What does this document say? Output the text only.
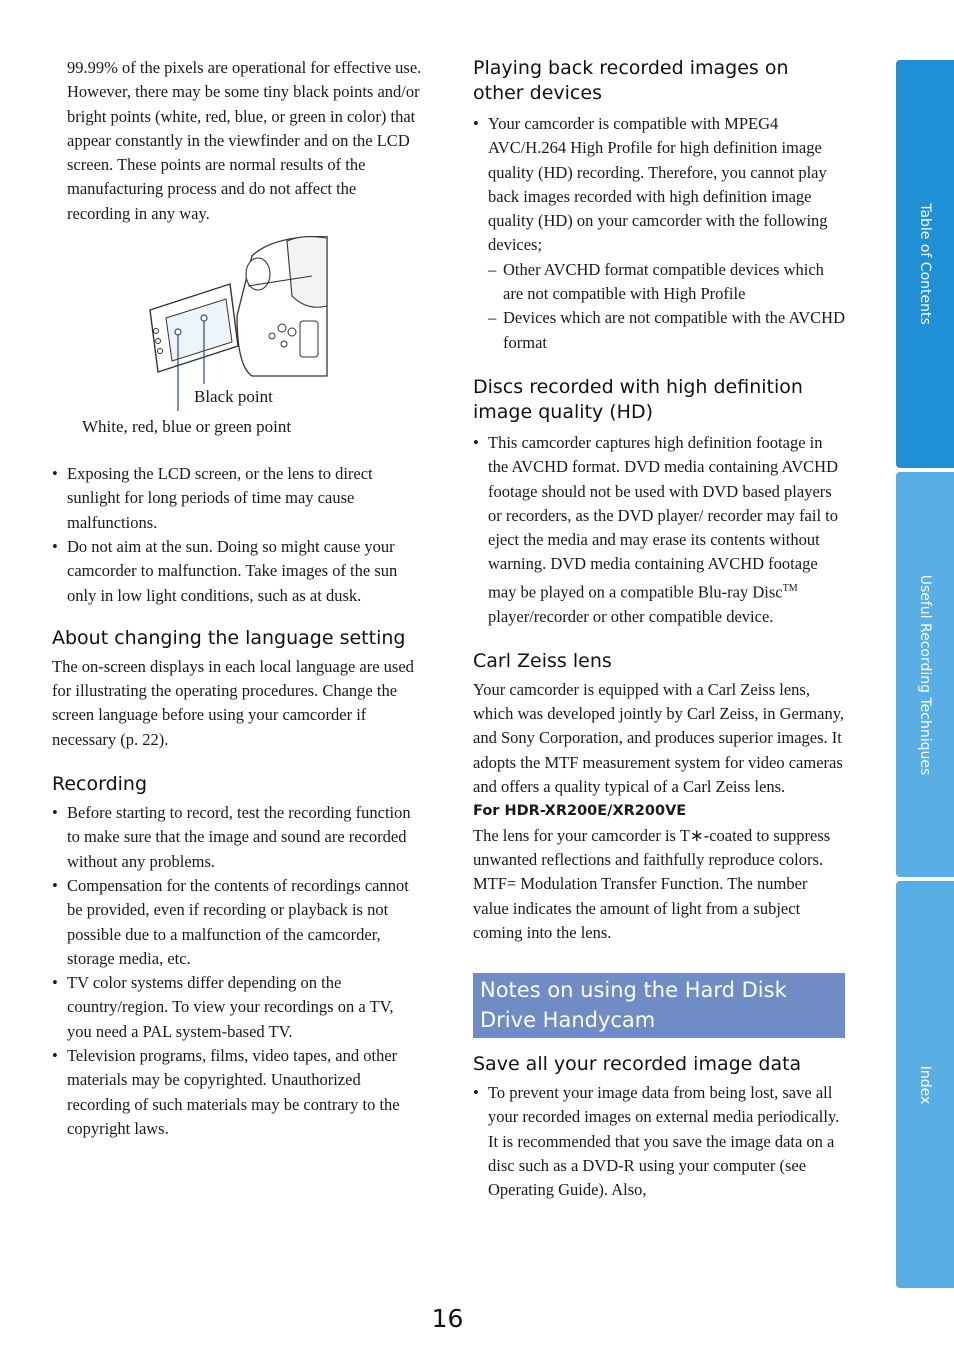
99.99% of the pixels are operational for effective use. However, there may be some tiny black points and/or bright points (white, red, blue, or green in color) that appear constantly in the viewfinder and on the LCD screen. These points are normal results of the manufacturing process and do not affect the recording in any way.

Black point
White, red, blue or green point
• Exposing the LCD screen, or the lens to direct sunlight for long periods of time may cause malfunctions.
• Do not aim at the sun. Doing so might cause your camcorder to malfunction. Take images of the sun only in low light conditions, such as at dusk.
About changing the language setting

The on-screen displays in each local language are used for illustrating the operating procedures. Change the screen language before using your camcorder if necessary (p. 22).

Recording
• Before starting to record, test the recording function to make sure that the image and sound are recorded without any problems.
• Compensation for the contents of recordings cannot be provided, even if recording or playback is not possible due to a malfunction of the camcorder, storage media, etc.
• TV color systems differ depending on the country/region. To view your recordings on a TV, you need a PAL system-based TV.
• Television programs, films, video tapes, and other materials may be copyrighted. Unauthorized recording of such materials may be contrary to the copyright laws.
Playing back recorded images on other devices
• Your camcorder is compatible with MPEG4 AVC/H.264 High Profile for high definition image quality (HD) recording. Therefore, you cannot play back images recorded with high definition image quality (HD) on your camcorder with the following devices;
– Other AVCHD format compatible devices which are not compatible with High Profile
– Devices which are not compatible with the AVCHD format
Discs recorded with high definition image quality (HD)
• This camcorder captures high definition footage in the AVCHD format. DVD media containing AVCHD footage should not be used with DVD based players or recorders, as the DVD player/ recorder may fail to eject the media and may erase its contents without warning. DVD media containing AVCHD footage may be played on a compatible Blu-ray Disc™ player/recorder or other compatible device.
Carl Zeiss lens

Your camcorder is equipped with a Carl Zeiss lens, which was developed jointly by Carl Zeiss, in Germany, and Sony Corporation, and produces superior images. It adopts the MTF measurement system for video cameras and offers a quality typical of a Carl Zeiss lens.

For HDR-XR200E/XR200VE

The lens for your camcorder is T∗-coated to suppress unwanted reflections and faithfully reproduce colors.

MTF= Modulation Transfer Function. The number value indicates the amount of light from a subject coming into the lens.

Notes on using the Hard Disk Drive Handycam
Save all your recorded image data
• To prevent your image data from being lost, save all your recorded images on external media periodically. It is recommended that you save the image data on a disc such as a DVD-R using your computer (see Operating Guide). Also,
Table of Contents
Useful Recording Techniques
Index
16
